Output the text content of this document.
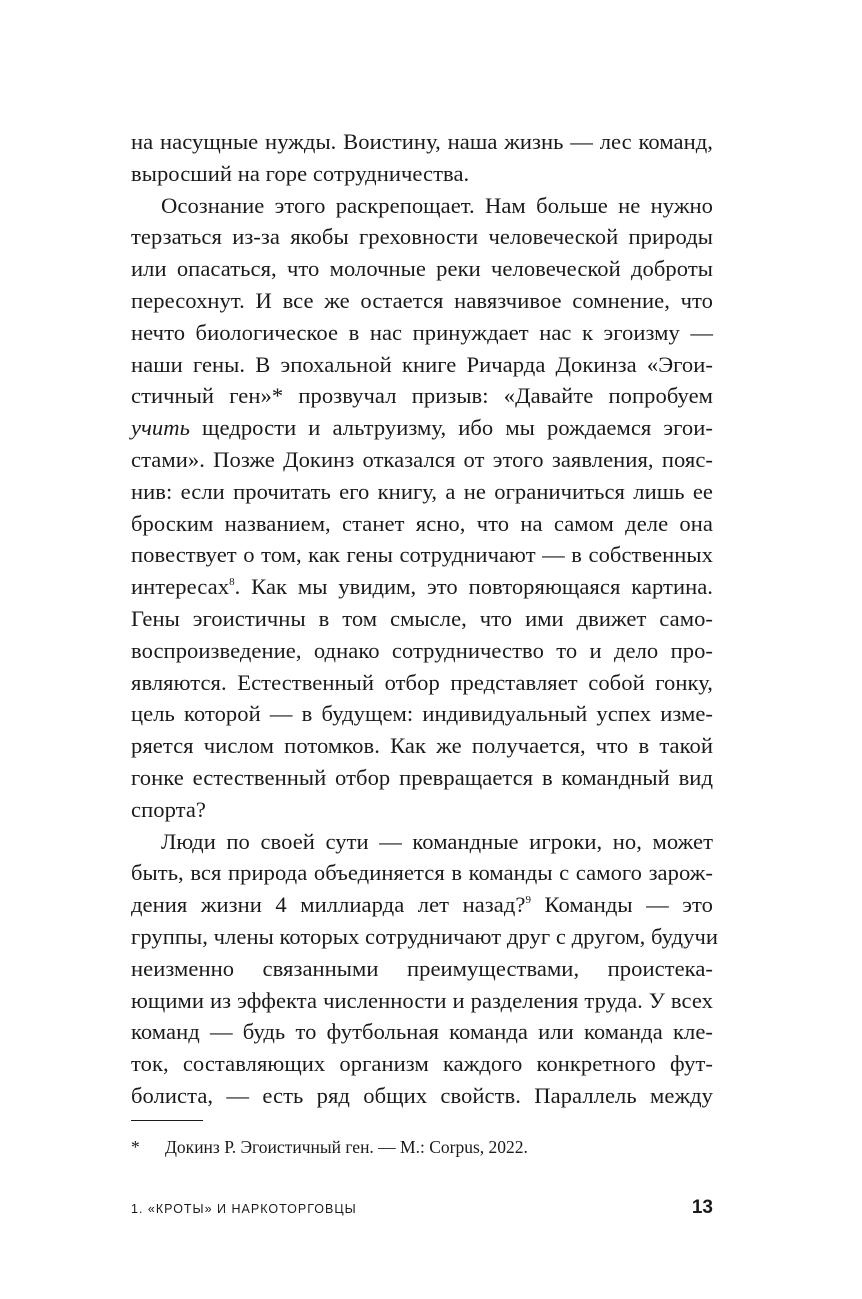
на насущные нужды. Воистину, наша жизнь — лес команд,
выросший на горе сотрудничества.
Осознание этого раскрепощает. Нам больше не нужно
терзаться из-за якобы греховности человеческой природы
или опасаться, что молочные реки человеческой доброты
пересохнут. И все же остается навязчивое сомнение, что
нечто биологическое в нас принуждает нас к эгоизму —
наши гены. В эпохальной книге Ричарда Докинза «Эгои-
стичный ген»* прозвучал призыв: «Давайте попробуем
учить щедрости и альтруизму, ибо мы рождаемся эгои-
стами». Позже Докинз отказался от этого заявления, пояс-
нив: если прочитать его книгу, а не ограничиться лишь ее
броским названием, станет ясно, что на самом деле она
повествует о том, как гены сотрудничают — в собственных
интересах$^8$. Как мы увидим, это повторяющаяся картина.
Гены эгоистичны в том смысле, что ими движет само-
воспроизведение, однако сотрудничество то и дело про-
являются. Естественный отбор представляет собой гонку,
цель которой — в будущем: индивидуальный успех изме-
ряется числом потомков. Как же получается, что в такой
гонке естественный отбор превращается в командный вид
спорта?
Люди по своей сути — командные игроки, но, может
быть, вся природа объединяется в команды с самого зарож-
дения жизни 4 миллиарда лет назад?$^9$ Команды — это
группы, члены которых сотрудничают друг с другом, будучи
неизменно связанными преимуществами, проистека-
ющими из эффекта численности и разделения труда. У всех
команд — будь то футбольная команда или команда кле-
ток, составляющих организм каждого конкретного фут-
болиста, — есть ряд общих свойств. Параллель между
* Докинз Р. Эгоистичный ген. — М.: Corpus, 2022.
1. «КРОТЫ» И НАРКОТОРГОВЦЫ	13
